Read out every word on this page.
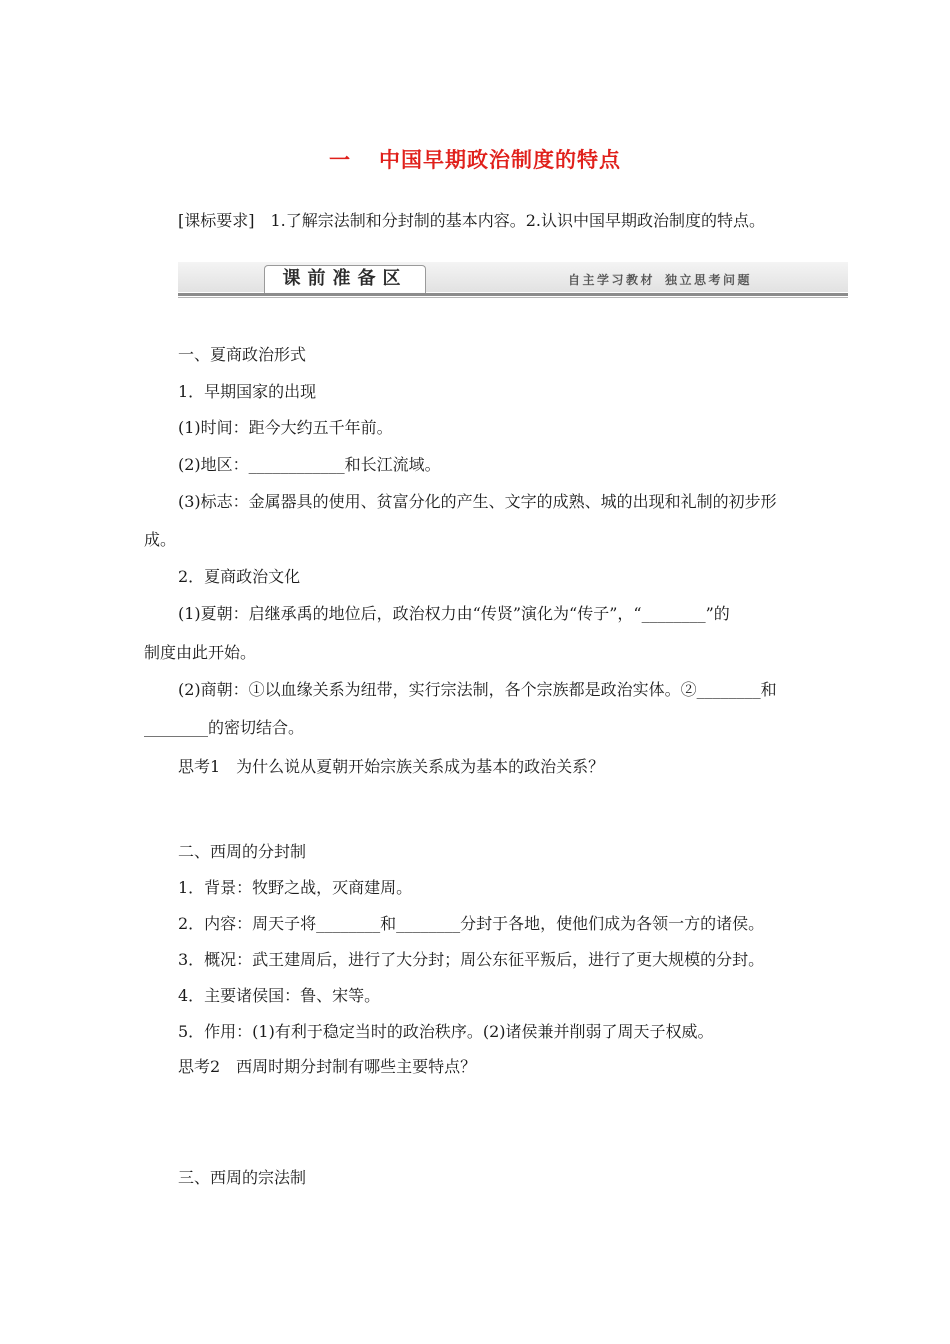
一 中国早期政治制度的特点
[课标要求]　1.了解宗法制和分封制的基本内容。2.认识中国早期政治制度的特点。
课前准备区	自主学习教材 独立思考问题
一、夏商政治形式
1．早期国家的出现
(1)时间：距今大约五千年前。
(2)地区：____________和长江流域。
(3)标志：金属器具的使用、贫富分化的产生、文字的成熟、城的出现和礼制的初步形
成。
2．夏商政治文化
(1)夏朝：启继承禹的地位后，政治权力由“传贤”演化为“传子”，“________”的
制度由此开始。
(2)商朝：①以血缘关系为纽带，实行宗法制，各个宗族都是政治实体。②________和
________的密切结合。
思考1　为什么说从夏朝开始宗族关系成为基本的政治关系？
二、西周的分封制
1．背景：牧野之战，灭商建周。
2．内容：周天子将________和________分封于各地，使他们成为各领一方的诸侯。
3．概况：武王建周后，进行了大分封；周公东征平叛后，进行了更大规模的分封。
4．主要诸侯国：鲁、宋等。
5．作用：(1)有利于稳定当时的政治秩序。(2)诸侯兼并削弱了周天子权威。
思考2　西周时期分封制有哪些主要特点？
三、西周的宗法制
